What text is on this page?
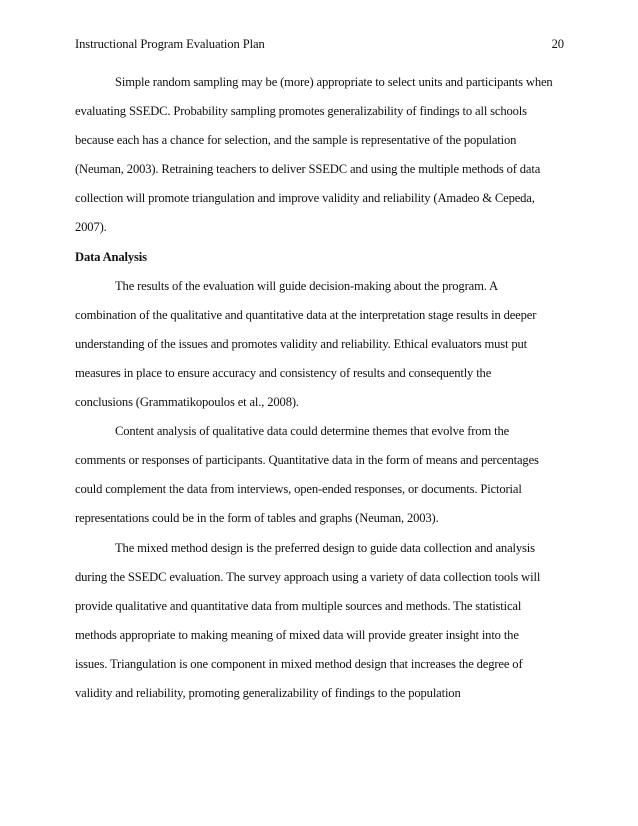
Instructional Program Evaluation Plan	20
Simple random sampling may be (more) appropriate to select units and participants when
evaluating SSEDC. Probability sampling promotes generalizability of findings to all schools
because each has a chance for selection, and the sample is representative of the population
(Neuman, 2003). Retraining teachers to deliver SSEDC and using the multiple methods of data
collection will promote triangulation and improve validity and reliability (Amadeo & Cepeda,
2007).
Data Analysis
The results of the evaluation will guide decision-making about the program. A
combination of the qualitative and quantitative data at the interpretation stage results in deeper
understanding of the issues and promotes validity and reliability. Ethical evaluators must put
measures in place to ensure accuracy and consistency of results and consequently the
conclusions (Grammatikopoulos et al., 2008).
Content analysis of qualitative data could determine themes that evolve from the
comments or responses of participants. Quantitative data in the form of means and percentages
could complement the data from interviews, open-ended responses, or documents. Pictorial
representations could be in the form of tables and graphs (Neuman, 2003).
The mixed method design is the preferred design to guide data collection and analysis
during the SSEDC evaluation. The survey approach using a variety of data collection tools will
provide qualitative and quantitative data from multiple sources and methods. The statistical
methods appropriate to making meaning of mixed data will provide greater insight into the
issues. Triangulation is one component in mixed method design that increases the degree of
validity and reliability, promoting generalizability of findings to the population
